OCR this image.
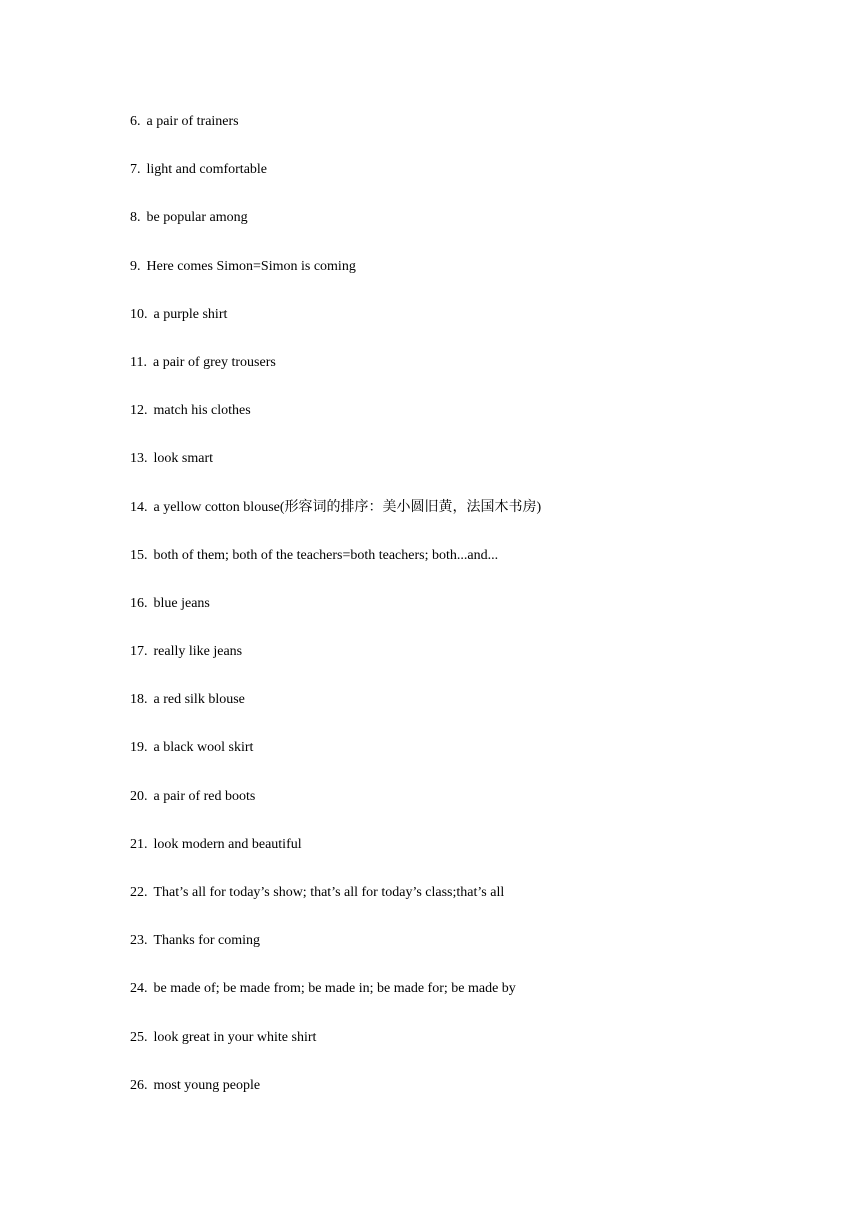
6. a pair of trainers
7. light and comfortable
8. be popular among
9. Here comes Simon=Simon is coming
10. a purple shirt
11. a pair of grey trousers
12. match his clothes
13. look smart
14. a yellow cotton blouse(形容词的排序：美小圆旧黄，法国木书房)
15. both of them; both of the teachers=both teachers; both...and...
16. blue jeans
17. really like jeans
18. a red silk blouse
19. a black wool skirt
20. a pair of red boots
21. look modern and beautiful
22. That’s all for today’s show; that’s all for today’s class;that’s all
23. Thanks for coming
24. be made of; be made from; be made in; be made for; be made by
25. look great in your white shirt
26. most young people
